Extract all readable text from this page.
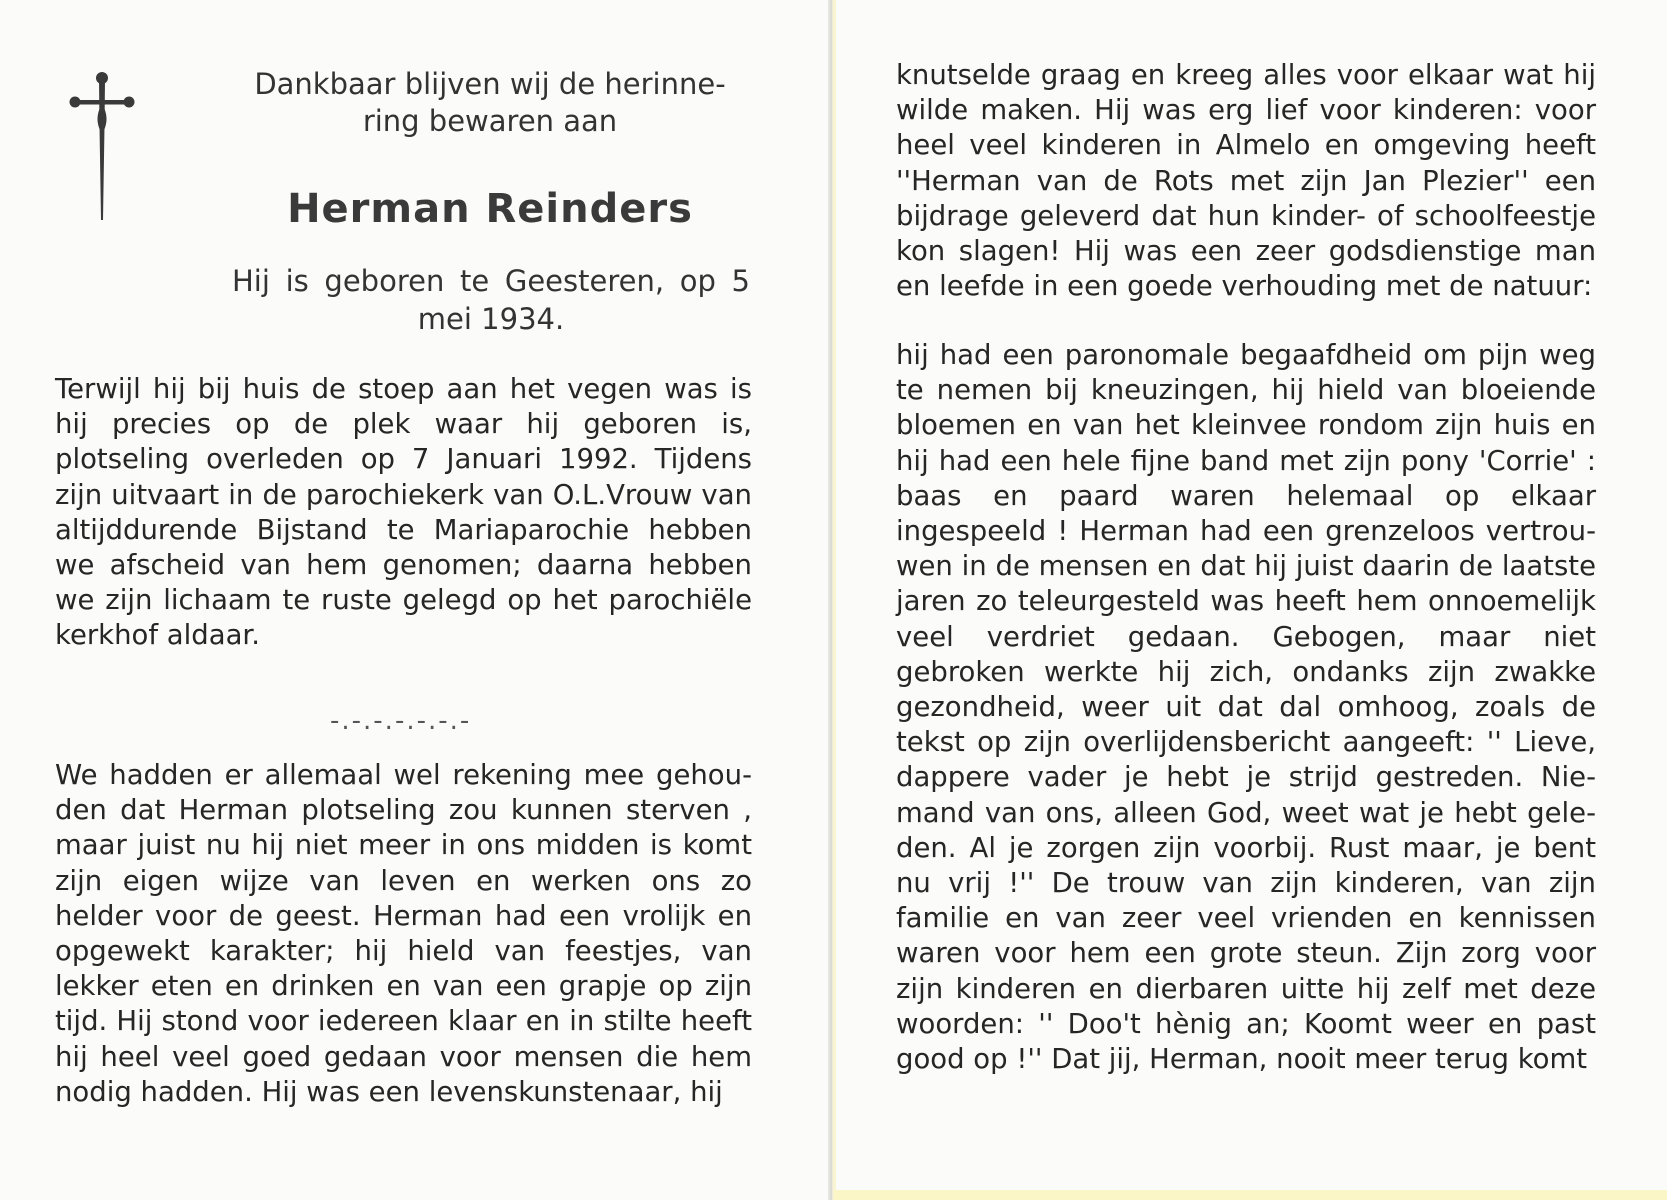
Dankbaar blijven wij de herinne-

ring bewaren aan

Herman Reinders

Hij is geboren te Geesteren, op 5

mei 1934.

Terwijl hij bij huis de stoep aan het vegen was is hij precies op de plek waar hij geboren is, plotseling overleden op 7 Januari 1992. Tijdens zijn uitvaart in de parochiekerk van O.L.Vrouw van altijddurende Bijstand te Mariaparochie hebben we afscheid van hem genomen; daarna hebben we zijn lichaam te ruste gelegd op het parochiële kerkhof aldaar.

-.-.-.-.-.-.-

We hadden er allemaal wel rekening mee gehouden dat Herman plotseling zou kunnen sterven , maar juist nu hij niet meer in ons midden is komt zijn eigen wijze van leven en werken ons zo helder voor de geest. Herman had een vrolijk en opgewekt karakter; hij hield van feestjes, van lekker eten en drinken en van een grapje op zijn tijd. Hij stond voor iedereen klaar en in stilte heeft hij heel veel goed gedaan voor mensen die hem nodig hadden. Hij was een levenskunstenaar, hij

knutselde graag en kreeg alles voor elkaar wat hij wilde maken. Hij was erg lief voor kinderen: voor heel veel kinderen in Almelo en omgeving heeft ''Herman van de Rots met zijn Jan Plezier'' een bijdrage geleverd dat hun kinder- of schoolfeestje kon slagen! Hij was een zeer godsdienstige man en leefde in een goede verhouding met de natuur:

hij had een paronomale begaafdheid om pijn weg te nemen bij kneuzingen, hij hield van bloeiende bloemen en van het kleinvee rondom zijn huis en hij had een hele fijne band met zijn pony 'Corrie' : baas en paard waren helemaal op elkaar ingespeeld ! Herman had een grenzeloos vertrouwen in de mensen en dat hij juist daarin de laatste jaren zo teleurgesteld was heeft hem onnoemelijk veel verdriet gedaan. Gebogen, maar niet gebroken werkte hij zich, ondanks zijn zwakke gezondheid, weer uit dat dal omhoog, zoals de tekst op zijn overlijdensbericht aangeeft: '' Lieve, dappere vader je hebt je strijd gestreden. Niemand van ons, alleen God, weet wat je hebt geleden. Al je zorgen zijn voorbij. Rust maar, je bent nu vrij !'' De trouw van zijn kinderen, van zijn familie en van zeer veel vrienden en kennissen waren voor hem een grote steun. Zijn zorg voor zijn kinderen en dierbaren uitte hij zelf met deze woorden: '' Doo't hènig an; Koomt weer en past good op !'' Dat jij, Herman, nooit meer terug komt
